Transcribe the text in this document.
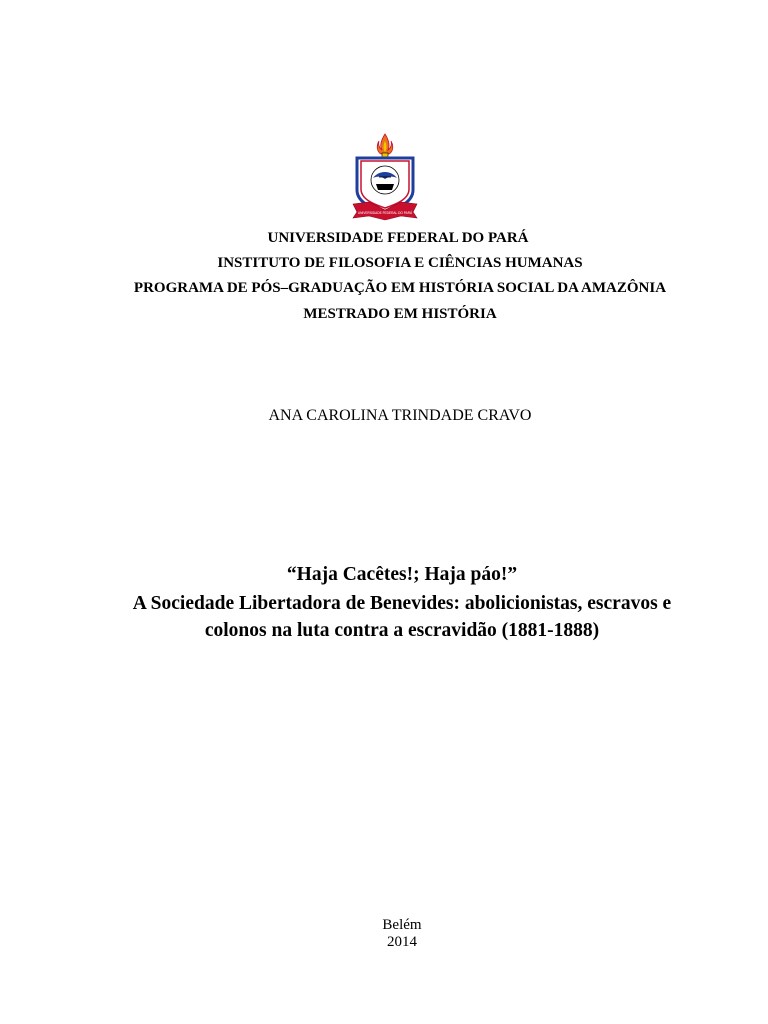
UNIVERSIDADE FEDERAL DO PARÁ
UNIVERSIDADE FEDERAL DO PARÁ
INSTITUTO DE FILOSOFIA E CIÊNCIAS HUMANAS
PROGRAMA DE PÓS–GRADUAÇÃO EM HISTÓRIA SOCIAL DA AMAZÔNIA
MESTRADO EM HISTÓRIA
ANA CAROLINA TRINDADE CRAVO
“Haja Cacêtes!; Haja páo!”
A Sociedade Libertadora de Benevides: abolicionistas, escravos e
colonos na luta contra a escravidão (1881-1888)
Belém
2014
